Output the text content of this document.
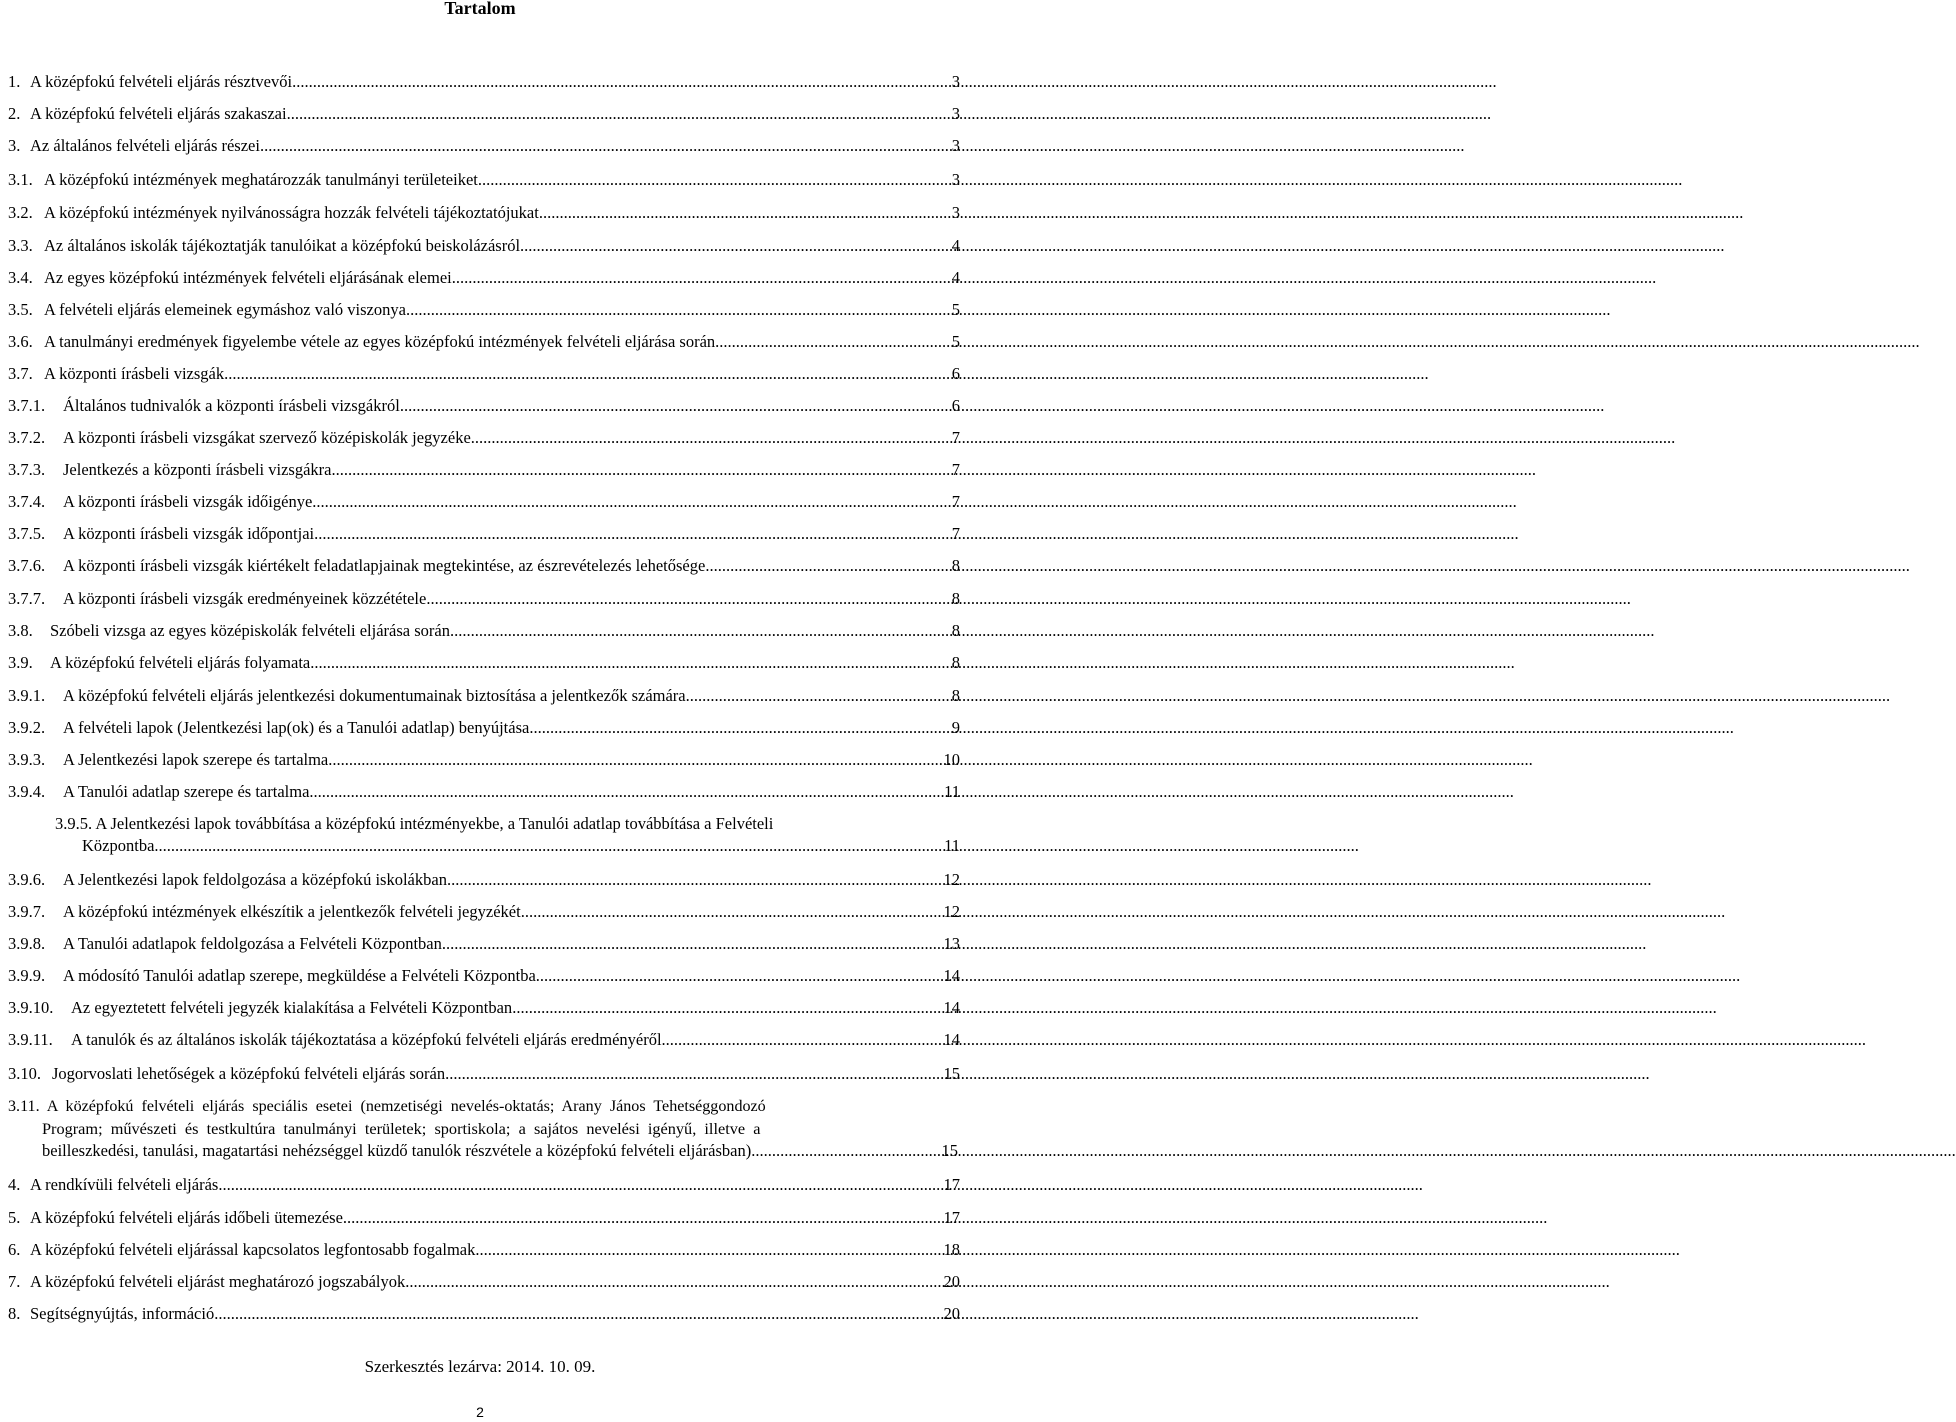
Tartalom
1. A középfokú felvételi eljárás résztvevői .....	3
2. A középfokú felvételi eljárás szakaszai .....	3
3. Az általános felvételi eljárás részei .....	3
3.1. A középfokú intézmények meghatározzák tanulmányi területeiket .....	3
3.2. A középfokú intézmények nyilvánosságra hozzák felvételi tájékoztatójukat .....	3
3.3. Az általános iskolák tájékoztatják tanulóikat a középfokú beiskolázásról .....	4
3.4. Az egyes középfokú intézmények felvételi eljárásának elemei .....	4
3.5. A felvételi eljárás elemeinek egymáshoz való viszonya .....	5
3.6. A tanulmányi eredmények figyelembe vétele az egyes középfokú intézmények felvételi eljárása során .....	5
3.7. A központi írásbeli vizsgák .....	6
3.7.1.	Általános tudnivalók a központi írásbeli vizsgákról .....	6
3.7.2.	A központi írásbeli vizsgákat szervező középiskolák jegyzéke .....	7
3.7.3.	Jelentkezés a központi írásbeli vizsgákra .....	7
3.7.4.	A központi írásbeli vizsgák időigénye .....	7
3.7.5.	A központi írásbeli vizsgák időpontjai .....	7
3.7.6.	A központi írásbeli vizsgák kiértékelt feladatlapjainak megtekintése, az észrevételezés lehetősége .....	8
3.7.7.	A központi írásbeli vizsgák eredményeinek közzététele .....	8
3.8.	Szóbeli vizsga az egyes középiskolák felvételi eljárása során .....	8
3.9.	A középfokú felvételi eljárás folyamata .....	8
3.9.1.	A középfokú felvételi eljárás jelentkezési dokumentumainak biztosítása a jelentkezők számára .....	8
3.9.2.	A felvételi lapok (Jelentkezési lap(ok) és a Tanulói adatlap) benyújtása .....	9
3.9.3.	A Jelentkezési lapok szerepe és tartalma .....	10
3.9.4.	A Tanulói adatlap szerepe és tartalma .....	11
3.9.5. A Jelentkezési lapok továbbítása a középfokú intézményekbe, a Tanulói adatlap továbbítása a Felvételi
Központba .....	11
3.9.6.	A Jelentkezési lapok feldolgozása a középfokú iskolákban .....	12
3.9.7.	A középfokú intézmények elkészítik a jelentkezők felvételi jegyzékét .....	12
3.9.8.	A Tanulói adatlapok feldolgozása a Felvételi Központban .....	13
3.9.9.	A módosító Tanulói adatlap szerepe, megküldése a Felvételi Központba .....	14
3.9.10.	Az egyeztetett felvételi jegyzék kialakítása a Felvételi Központban .....	14
3.9.11.	A tanulók és az általános iskolák tájékoztatása a középfokú felvételi eljárás eredményéről .....	14
3.10. Jogorvoslati lehetőségek a középfokú felvételi eljárás során .....	15
3.11.  A  középfokú  felvételi  eljárás  speciális  esetei  (nemzetiségi  nevelés-oktatás;  Arany  János  Tehetséggondozó
Program;  művészeti  és  testkultúra  tanulmányi  területek;  sportiskola;  a  sajátos  nevelési  igényű,  illetve  a
beilleszkedési, tanulási, magatartási nehézséggel küzdő tanulók részvétele a középfokú felvételi eljárásban) .....	15
4. A rendkívüli felvételi eljárás .....	17
5. A középfokú felvételi eljárás időbeli ütemezése .....	17
6. A középfokú felvételi eljárással kapcsolatos legfontosabb fogalmak .....	18
7. A középfokú felvételi eljárást meghatározó jogszabályok .....	20
8. Segítségnyújtás, információ .....	20
Szerkesztés lezárva: 2014. 10. 09.
2
